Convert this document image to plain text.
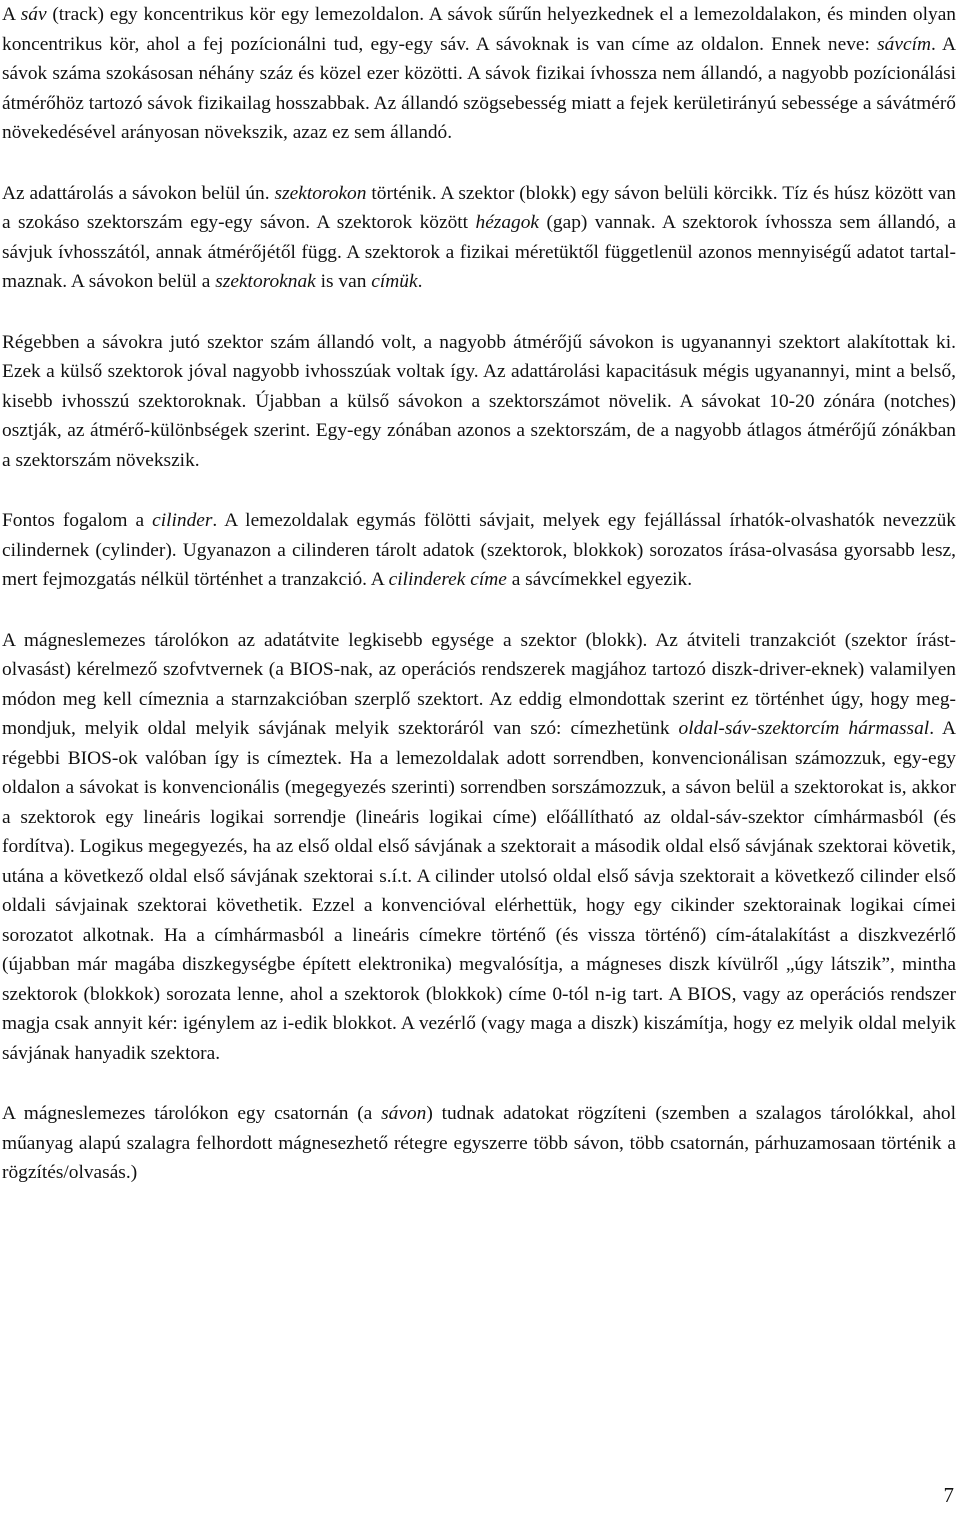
A sáv (track) egy koncentrikus kör egy lemezoldalon. A sávok sűrűn helyezkednek el a lemezoldalakon, és minden olyan koncentrikus kör, ahol a fej pozícionálni tud, egy-egy sáv. A sávoknak is van címe az oldalon. Ennek neve: sávcím. A sávok száma szokásosan néhány száz és közel ezer közötti. A sávok fizikai ívhossza nem állandó, a nagyobb pozícionálási átmérőhöz tartozó sávok fizikailag hosszabbak. Az állandó szögsebesség miatt a fejek kerületirányú sebessége a sávátmérő növekedésével arányosan növekszik, azaz ez sem állandó.

Az adattárolás a sávokon belül ún. szektorokon történik. A szektor (blokk) egy sávon belüli körcikk. Tíz és húsz között van a szokáso szektorszám egy-egy sávon. A szektorok között hézagok (gap) vannak. A szektorok ívhossza sem állandó, a sávjuk ívhosszától, annak átmérőjétől függ. A szektorok a fizikai méretüktől függetlenül azonos mennyiségű adatot tartalmaznak. A sávokon belül a szektoroknak is van címük.

Régebben a sávokra jutó szektor szám állandó volt, a nagyobb átmérőjű sávokon is ugyanannyi szektort alakítottak ki. Ezek a külső szektorok jóval nagyobb ivhosszúak voltak így. Az adattárolási kapacitásuk mégis ugyanannyi, mint a belső, kisebb ivhosszú szektoroknak. Újabban a külső sávokon a szektorszámot növelik. A sávokat 10-20 zónára (notches) osztják, az átmérő-különbségek szerint. Egy-egy zónában azonos a szektorszám, de a nagyobb átlagos átmérőjű zónákban a szektorszám növekszik.

Fontos fogalom a cilinder. A lemezoldalak egymás fölötti sávjait, melyek egy fejállással írhatók-olvashatók nevezzük cilindernek (cylinder). Ugyanazon a cilinderen tárolt adatok (szektorok, blokkok) sorozatos írása-olvasása gyorsabb lesz, mert fejmozgatás nélkül történhet a tranzakció. A cilinderek címe a sávcímekkel egyezik.

A mágneslemezes tárolókon az adatátvite legkisebb egysége a szektor (blokk). Az átviteli tranzakciót (szektor írást-olvasást) kérelmező szofvtvernek (a BIOS-nak, az operációs rendszerek magjához tartozó diszk-driver-eknek) valamilyen módon meg kell címeznia a starnzakcióban szerplő szektort. Az eddig elmondottak szerint ez történhet úgy, hogy megmondjuk, melyik oldal melyik sávjának melyik szektoráról van szó: címezhetünk oldal-sáv-szektorcím hármassal. A régebbi BIOS-ok valóban így is címeztek. Ha a lemezoldalak adott sorrendben, konvencionálisan számozzuk, egy-egy oldalon a sávokat is konvencionális (megegyezés szerinti) sorrendben sorszámozzuk, a sávon belül a szektorokat is, akkor a szektorok egy lineáris logikai sorrendje (lineáris logikai címe) előállítható az oldal-sáv-szektor címhármasból (és fordítva). Logikus megegyezés, ha az első oldal első sávjának a szektorait a második oldal első sávjának szektorai követik, utána a következő oldal első sávjának szektorai s.í.t. A cilinder utolsó oldal első sávja szektorait a következő cilinder első oldali sávjainak szektorai követhetik. Ezzel a konvencióval elérhettük, hogy egy cikinder szektorainak logikai címei sorozatot alkotnak. Ha a címhármasból a lineáris címekre történő (és vissza történő) cím-átalakítást a diszkvezérlő (újabban már magába diszkegységbe épített elektronika) megvalósítja, a mágneses diszk kívülről „úgy látszik”, mintha szektorok (blokkok) sorozata lenne, ahol a szektorok (blokkok) címe 0-tól n-ig tart. A BIOS, vagy az operációs rendszer magja csak annyit kér: igénylem az i-edik blokkot. A vezérlő (vagy maga a diszk) kiszámítja, hogy ez melyik oldal melyik sávjának hanyadik szektora.

A mágneslemezes tárolókon egy csatornán (a sávon) tudnak adatokat rögzíteni (szemben a szalagos tárolókkal, ahol műanyag alapú szalagra felhordott mágnesezhető rétegre egyszerre több sávon, több csatornán, párhuzamosaan történik a rögzítés/olvasás.)

7
